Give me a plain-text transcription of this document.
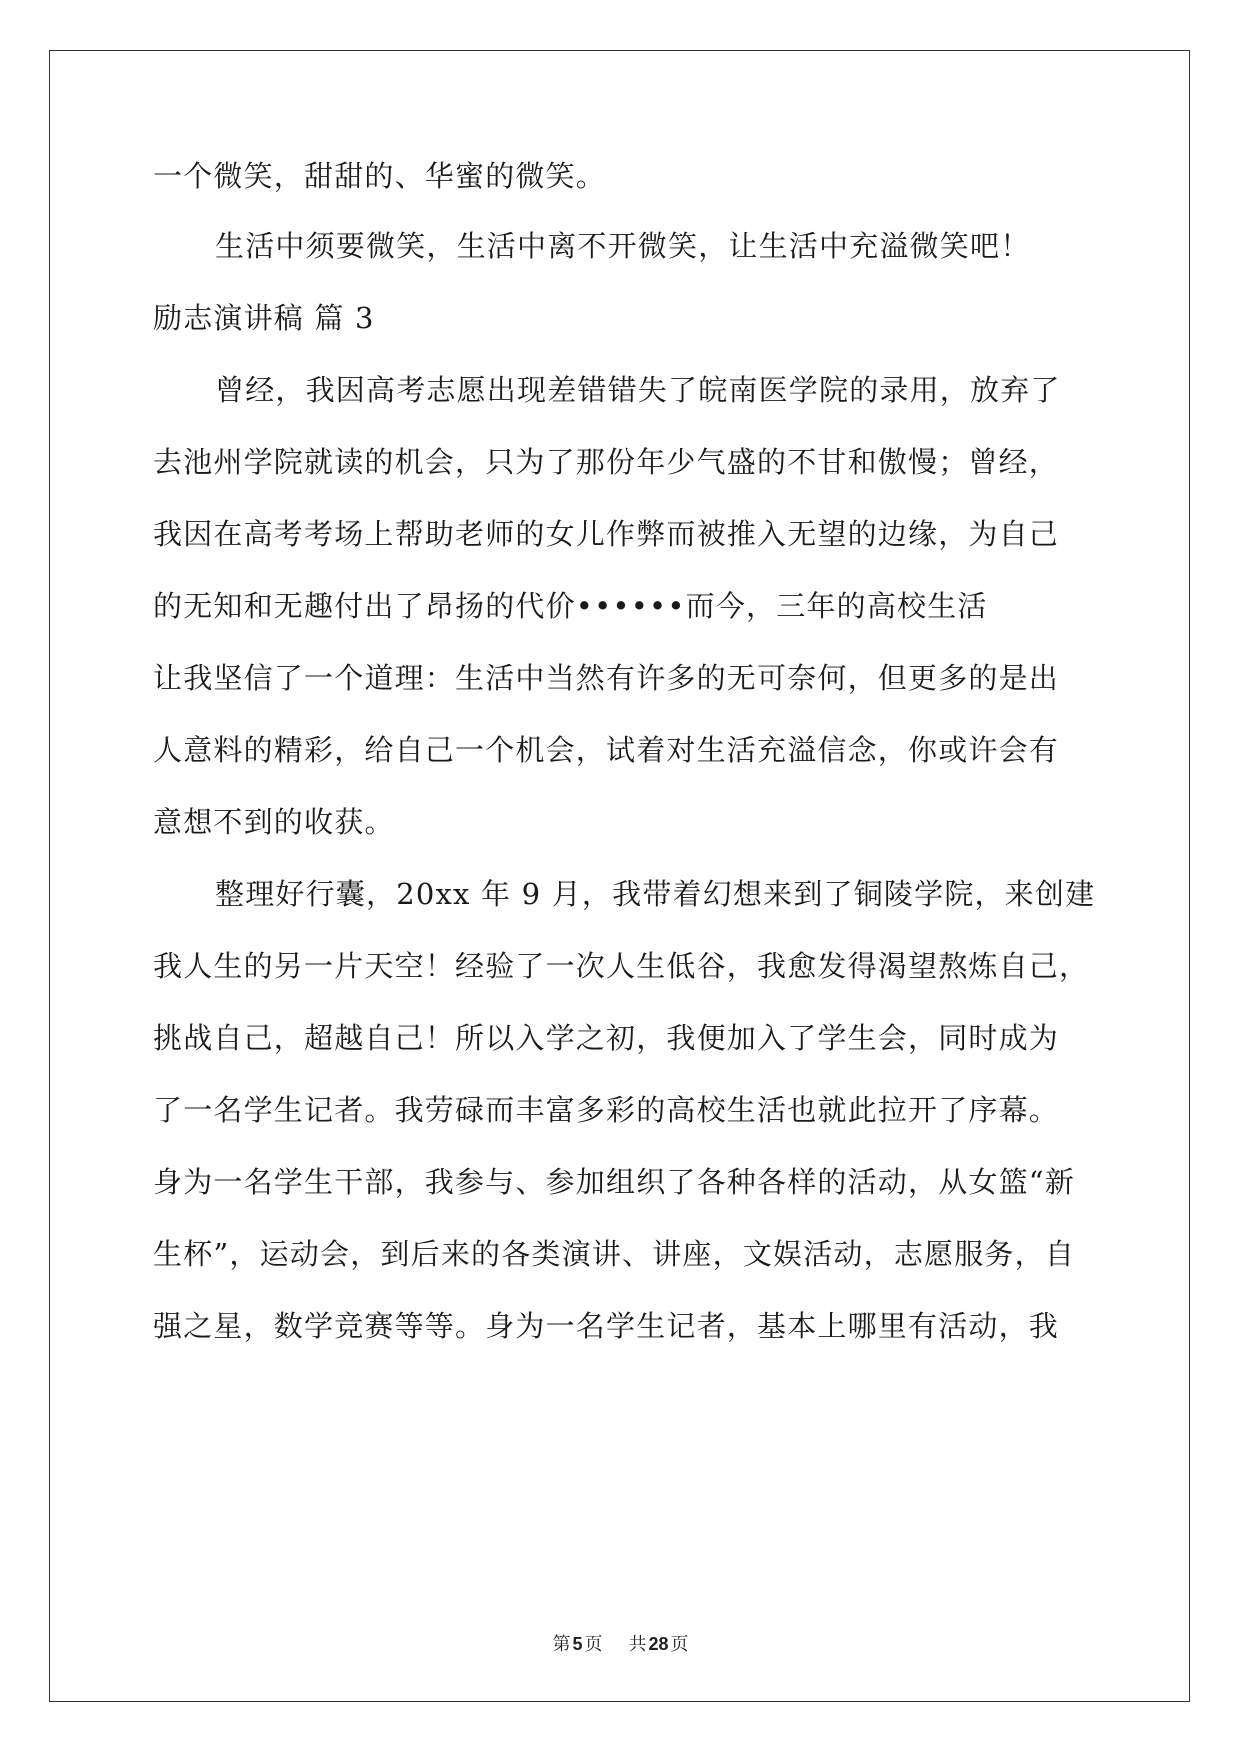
一个微笑，甜甜的、华蜜的微笑。
生活中须要微笑，生活中离不开微笑，让生活中充溢微笑吧！
励志演讲稿 篇 3
曾经，我因高考志愿出现差错错失了皖南医学院的录用，放弃了
去池州学院就读的机会，只为了那份年少气盛的不甘和傲慢；曾经，
我因在高考考场上帮助老师的女儿作弊而被推入无望的边缘，为自己
的无知和无趣付出了昂扬的代价••••••而今，三年的高校生活
让我坚信了一个道理：生活中当然有许多的无可奈何，但更多的是出
人意料的精彩，给自己一个机会，试着对生活充溢信念，你或许会有
意想不到的收获。
整理好行囊，20xx 年 9 月，我带着幻想来到了铜陵学院，来创建
我人生的另一片天空！经验了一次人生低谷，我愈发得渴望熬炼自己，
挑战自己，超越自己！所以入学之初，我便加入了学生会，同时成为
了一名学生记者。我劳碌而丰富多彩的高校生活也就此拉开了序幕。
身为一名学生干部，我参与、参加组织了各种各样的活动，从女篮“新
生杯”，运动会，到后来的各类演讲、讲座，文娱活动，志愿服务，自
强之星，数学竞赛等等。身为一名学生记者，基本上哪里有活动，我
第 5 页 共 28 页
